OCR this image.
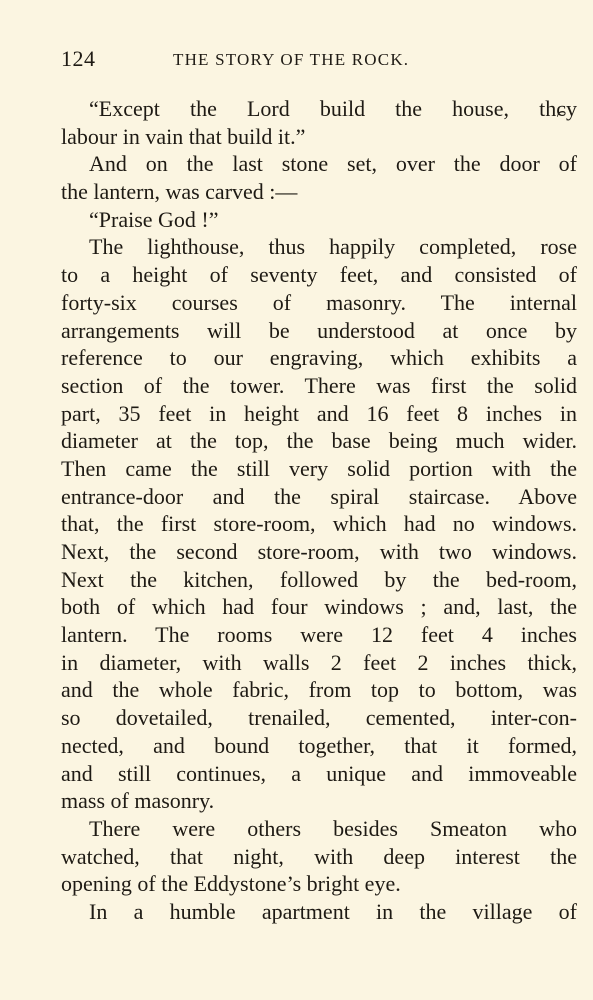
124	THE STORY OF THE ROCK.
“Except the Lord build the house, thɕy
labour in vain that build it.”
And on the last stone set, over the door of
the lantern, was carved :—
“Praise God !”
The lighthouse, thus happily completed, rose
to a height of seventy feet, and consisted of
forty-six courses of masonry. The internal
arrangements will be understood at once by
reference to our engraving, which exhibits a
section of the tower. There was first the solid
part, 35 feet in height and 16 feet 8 inches in
diameter at the top, the base being much wider.
Then came the still very solid portion with the
entrance-door and the spiral staircase. Above
that, the first store-room, which had no windows.
Next, the second store-room, with two windows.
Next the kitchen, followed by the bed-room,
both of which had four windows ; and, last, the
lantern. The rooms were 12 feet 4 inches
in diameter, with walls 2 feet 2 inches thick,
and the whole fabric, from top to bottom, was
so dovetailed, trenailed, cemented, inter-con-
nected, and bound together, that it formed,
and still continues, a unique and immoveable
mass of masonry.
There were others besides Smeaton who
watched, that night, with deep interest the
opening of the Eddystone’s bright eye.
In a humble apartment in the village of
